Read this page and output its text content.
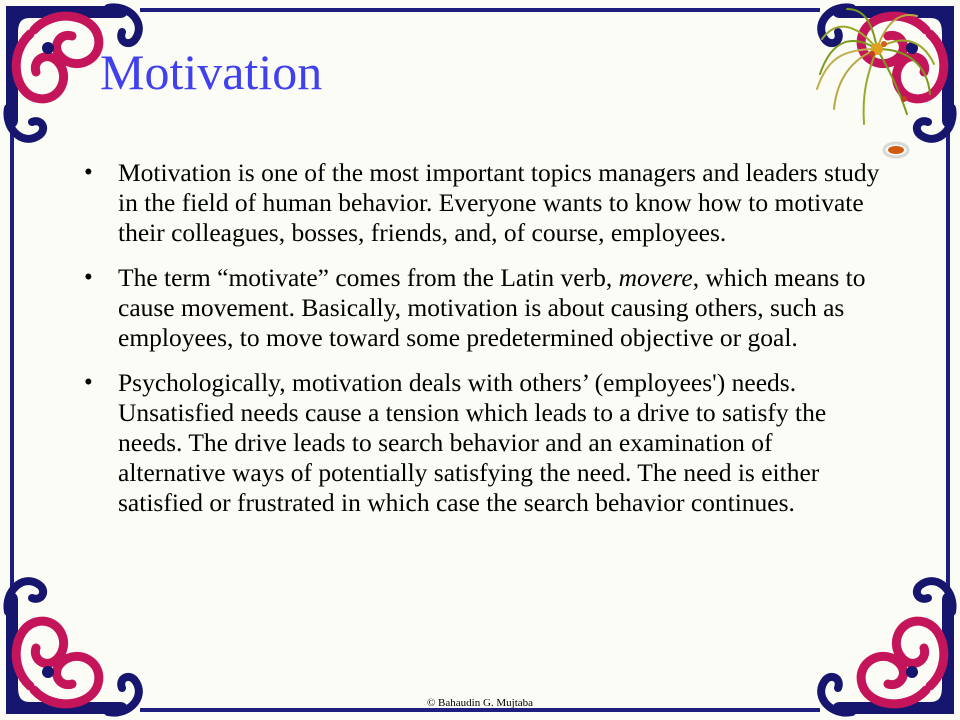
Motivation
• Motivation is one of the most important topics managers and leaders study in the field of human behavior. Everyone wants to know how to motivate their colleagues, bosses, friends, and, of course, employees.
• The term “motivate” comes from the Latin verb, movere, which means to cause movement. Basically, motivation is about causing others, such as employees, to move toward some predetermined objective or goal.
• Psychologically, motivation deals with others’ (employees') needs. Unsatisfied needs cause a tension which leads to a drive to satisfy the needs. The drive leads to search behavior and an examination of alternative ways of potentially satisfying the need. The need is either satisfied or frustrated in which case the search behavior continues.
© Bahaudin G. Mujtaba
